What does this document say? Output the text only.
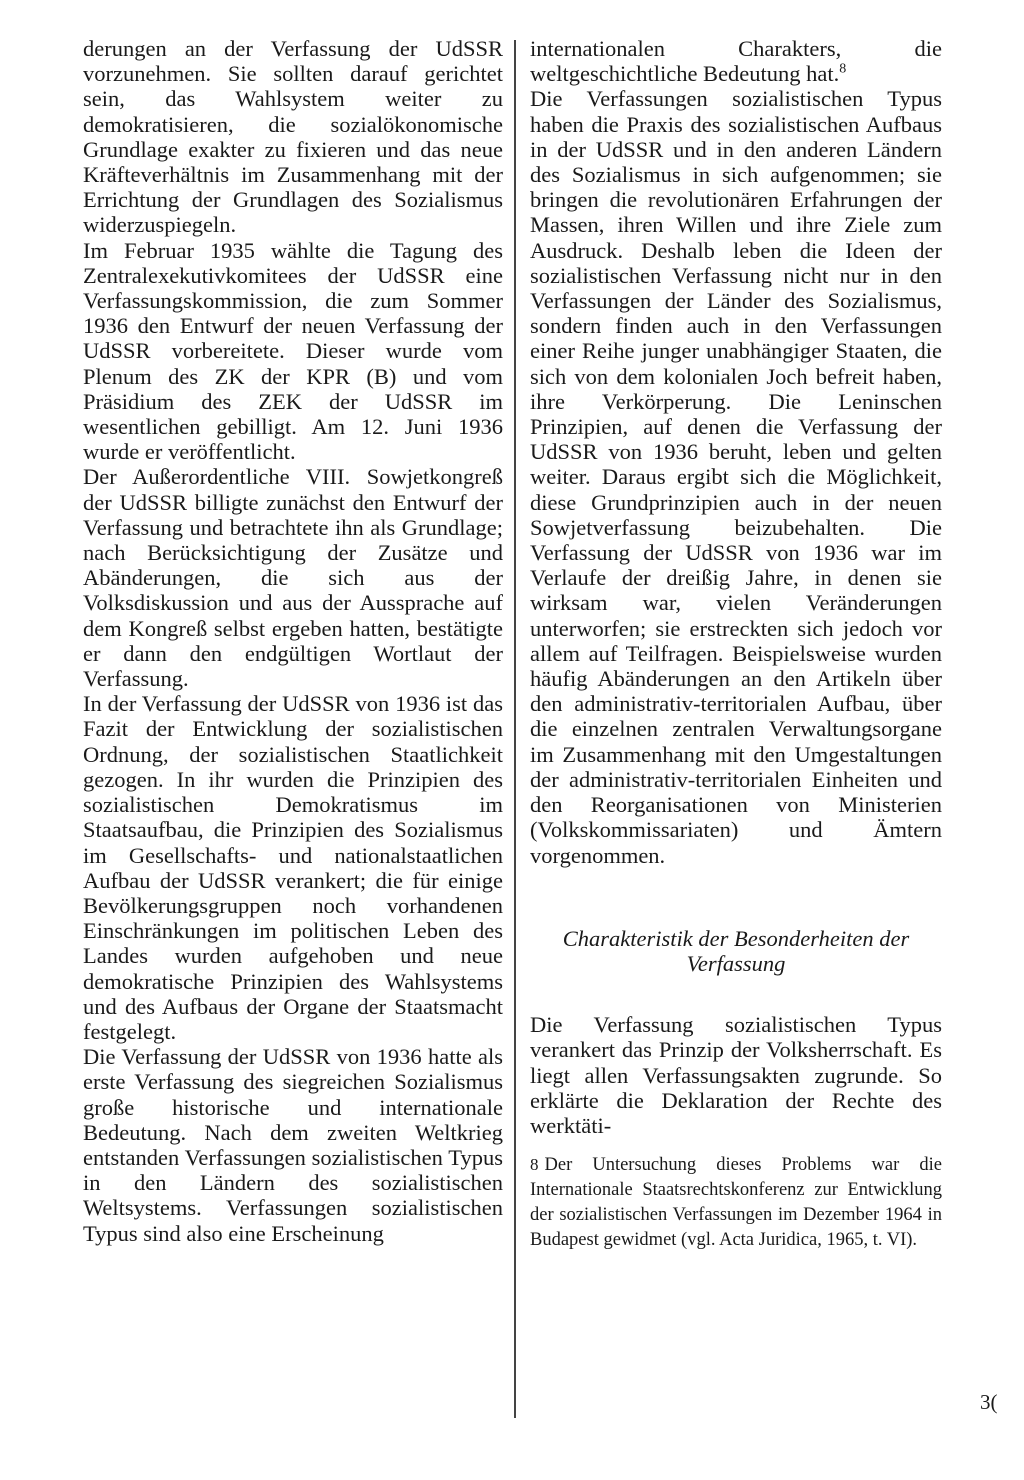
derungen an der Verfassung der UdSSR vorzunehmen. Sie sollten darauf gerichtet sein, das Wahlsystem weiter zu demokratisieren, die sozialökonomische Grundlage exakter zu fixieren und das neue Kräfteverhältnis im Zusammenhang mit der Errichtung der Grundlagen des Sozialismus widerzuspiegeln.

Im Februar 1935 wählte die Tagung des Zentralexekutivkomitees der UdSSR eine Verfassungskommission, die zum Sommer 1936 den Entwurf der neuen Verfassung der UdSSR vorbereitete. Dieser wurde vom Plenum des ZK der KPR (B) und vom Präsidium des ZEK der UdSSR im wesentlichen gebilligt. Am 12. Juni 1936 wurde er veröffentlicht.

Der Außerordentliche VIII. Sowjetkongreß der UdSSR billigte zunächst den Entwurf der Verfassung und betrachtete ihn als Grundlage; nach Berücksichtigung der Zusätze und Abänderungen, die sich aus der Volksdiskussion und aus der Aussprache auf dem Kongreß selbst ergeben hatten, bestätigte er dann den endgültigen Wortlaut der Verfassung.

In der Verfassung der UdSSR von 1936 ist das Fazit der Entwicklung der sozialistischen Ordnung, der sozialistischen Staatlichkeit gezogen. In ihr wurden die Prinzipien des sozialistischen Demokratismus im Staatsaufbau, die Prinzipien des Sozialismus im Gesellschafts- und nationalstaatlichen Aufbau der UdSSR verankert; die für einige Bevölkerungsgruppen noch vorhandenen Einschränkungen im politischen Leben des Landes wurden aufgehoben und neue demokratische Prinzipien des Wahlsystems und des Aufbaus der Organe der Staatsmacht festgelegt.

Die Verfassung der UdSSR von 1936 hatte als erste Verfassung des siegreichen Sozialismus große historische und internationale Bedeutung. Nach dem zweiten Weltkrieg entstanden Verfassungen sozialistischen Typus in den Ländern des sozialistischen Weltsystems. Verfassungen sozialistischen Typus sind also eine Erscheinung

internationalen Charakters, die weltgeschichtliche Bedeutung hat.$^8$

Die Verfassungen sozialistischen Typus haben die Praxis des sozialistischen Aufbaus in der UdSSR und in den anderen Ländern des Sozialismus in sich aufgenommen; sie bringen die revolutionären Erfahrungen der Massen, ihren Willen und ihre Ziele zum Ausdruck. Deshalb leben die Ideen der sozialistischen Verfassung nicht nur in den Verfassungen der Länder des Sozialismus, sondern finden auch in den Verfassungen einer Reihe junger unabhängiger Staaten, die sich von dem kolonialen Joch befreit haben, ihre Verkörperung. Die Leninschen Prinzipien, auf denen die Verfassung der UdSSR von 1936 beruht, leben und gelten weiter. Daraus ergibt sich die Möglichkeit, diese Grundprinzipien auch in der neuen Sowjetverfassung beizubehalten. Die Verfassung der UdSSR von 1936 war im Verlaufe der dreißig Jahre, in denen sie wirksam war, vielen Veränderungen unterworfen; sie erstreckten sich jedoch vor allem auf Teilfragen. Beispielsweise wurden häufig Abänderungen an den Artikeln über den administrativ-territorialen Aufbau, über die einzelnen zentralen Verwaltungsorgane im Zusammenhang mit den Umgestaltungen der administrativ-territorialen Einheiten und den Reorganisationen von Ministerien (Volkskommissariaten) und Ämtern vorgenommen.

Charakteristik der Besonderheiten der Verfassung

Die Verfassung sozialistischen Typus verankert das Prinzip der Volksherrschaft. Es liegt allen Verfassungsakten zugrunde. So erklärte die Deklaration der Rechte des werktäti-

8 Der Untersuchung dieses Problems war die Internationale Staatsrechtskonferenz zur Entwicklung der sozialistischen Verfassungen im Dezember 1964 in Budapest gewidmet (vgl. Acta Juridica, 1965, t. VI).

3(
